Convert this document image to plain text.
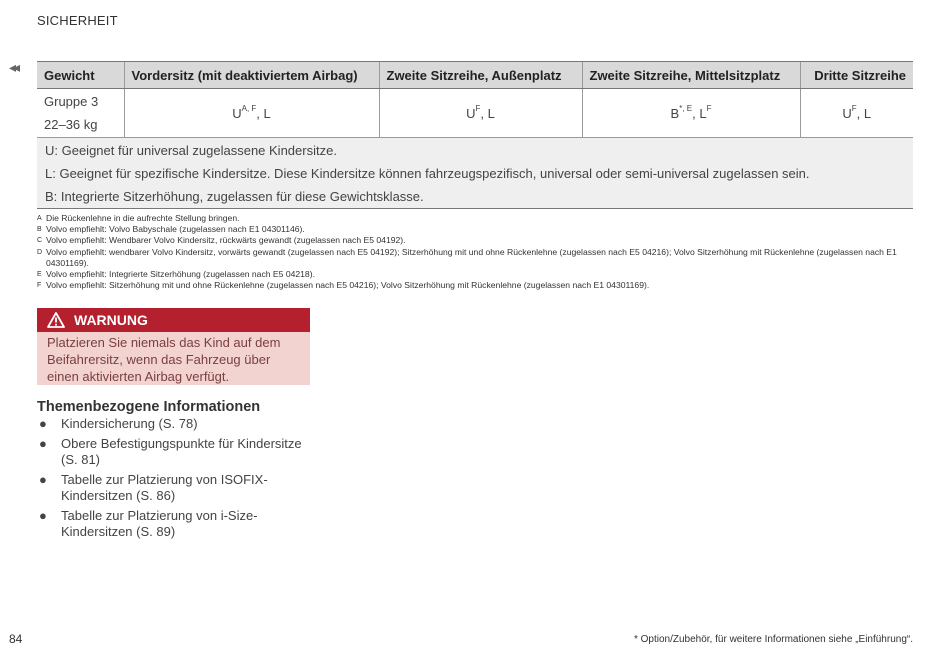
SICHERHEIT
◂◂ Gewicht	Vordersitz (mit deaktiviertem Airbag)	Zweite Sitzreihe, Außenplatz	Zweite Sitzreihe, Mittelsitzplatz	Dritte Sitzreihe

Gruppe 3
22–36 kg	$U^{A, F}$, L	$U^F$, L	$B^{*, E}$, $L^F$	$U^F$, L

U: Geeignet für universal zugelassene Kindersitze.

L: Geeignet für spezifische Kindersitze. Diese Kindersitze können fahrzeugspezifisch, universal oder semi-universal zugelassen sein.

B: Integrierte Sitzerhöhung, zugelassen für diese Gewichtsklasse.				

A Die Rückenlehne in die aufrechte Stellung bringen.
B Volvo empfiehlt: Volvo Babyschale (zugelassen nach E1 04301146).
C Volvo empfiehlt: Wendbarer Volvo Kindersitz, rückwärts gewandt (zugelassen nach E5 04192).
D Volvo empfiehlt: wendbarer Volvo Kindersitz, vorwärts gewandt (zugelassen nach E5 04192); Sitzerhöhung mit und ohne Rückenlehne (zugelassen nach E5 04216); Volvo Sitzerhöhung mit Rückenlehne (zugelassen nach E1 04301169).
E Volvo empfiehlt: Integrierte Sitzerhöhung (zugelassen nach E5 04218).
F Volvo empfiehlt: Sitzerhöhung mit und ohne Rückenlehne (zugelassen nach E5 04216); Volvo Sitzerhöhung mit Rückenlehne (zugelassen nach E1 04301169).
WARNUNG
Platzieren Sie niemals das Kind auf dem Beifahrersitz, wenn das Fahrzeug über einen aktivierten Airbag verfügt.
Themenbezogene Informationen
● Kindersicherung (S. 78)
● Obere Befestigungspunkte für Kindersitze (S. 81)
● Tabelle zur Platzierung von ISOFIX-Kindersitzen (S. 86)
● Tabelle zur Platzierung von i-Size-Kindersitzen (S. 89)
84	* Option/Zubehör, für weitere Informationen siehe „Einführung“.
